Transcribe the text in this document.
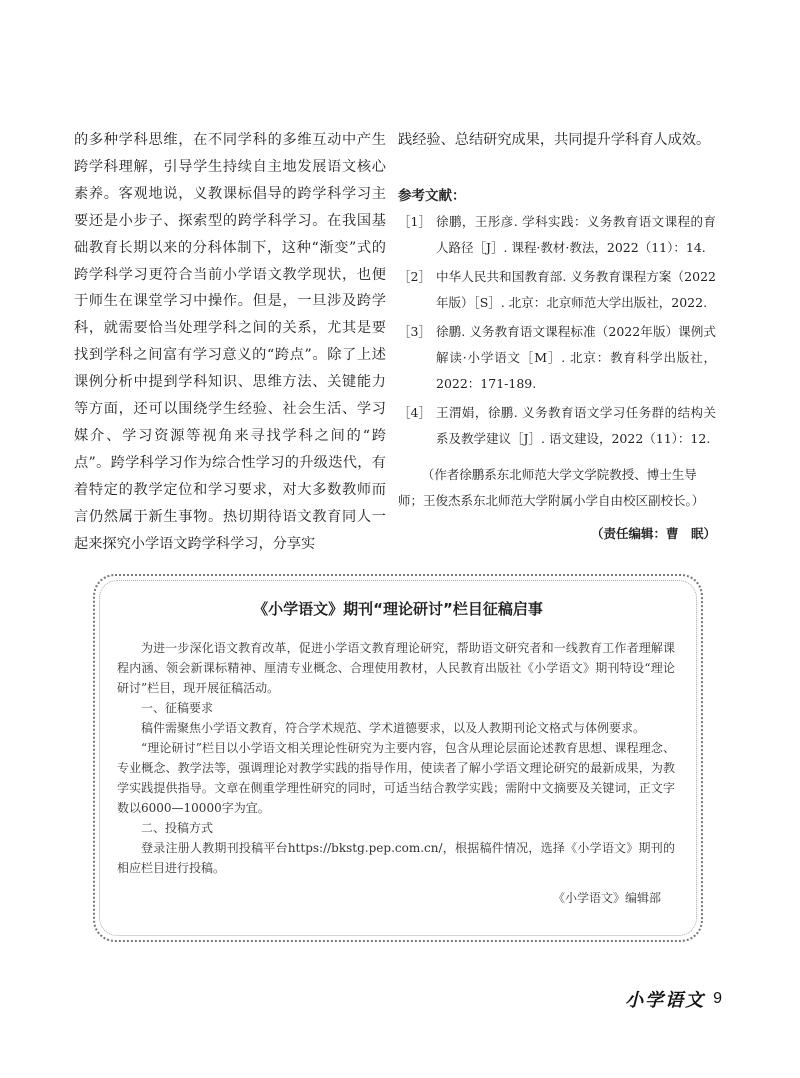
的多种学科思维，在不同学科的多维互动中产生跨学科理解，引导学生持续自主地发展语文核心素养。客观地说，义教课标倡导的跨学科学习主要还是小步子、探索型的跨学科学习。在我国基础教育长期以来的分科体制下，这种“渐变”式的跨学科学习更符合当前小学语文教学现状，也便于师生在课堂学习中操作。但是，一旦涉及跨学科，就需要恰当处理学科之间的关系，尤其是要找到学科之间富有学习意义的“跨点”。除了上述课例分析中提到学科知识、思维方法、关键能力等方面，还可以围绕学生经验、社会生活、学习媒介、学习资源等视角来寻找学科之间的“跨点”。跨学科学习作为综合性学习的升级迭代，有着特定的教学定位和学习要求，对大多数教师而言仍然属于新生事物。热切期待语文教育同人一起来探究小学语文跨学科学习，分享实

践经验、总结研究成果，共同提升学科育人成效。

参考文献：
［1］ 徐鹏，王彤彦. 学科实践：义务教育语文课程的育人路径［J］. 课程·教材·教法，2022（11）：14.
［2］ 中华人民共和国教育部. 义务教育课程方案（2022年版）［S］. 北京：北京师范大学出版社，2022.
［3］ 徐鹏. 义务教育语文课程标准（2022年版）课例式解读·小学语文［M］. 北京：教育科学出版社，2022：171-189.
［4］ 王渭娟，徐鹏. 义务教育语文学习任务群的结构关系及教学建议［J］. 语文建设，2022（11）：12.
（作者徐鹏系东北师范大学文学院教授、博士生导师；王俊杰系东北师范大学附属小学自由校区副校长。）
（责任编辑：曹　眠）
《小学语文》期刊“理论研讨”栏目征稿启事

为进一步深化语文教育改革，促进小学语文教育理论研究，帮助语文研究者和一线教育工作者理解课程内涵、领会新课标精神、厘清专业概念、合理使用教材，人民教育出版社《小学语文》期刊特设“理论研讨”栏目，现开展征稿活动。

一、征稿要求

稿件需聚焦小学语文教育，符合学术规范、学术道德要求，以及人教期刊论文格式与体例要求。

“理论研讨”栏目以小学语文相关理论性研究为主要内容，包含从理论层面论述教育思想、课程理念、专业概念、教学法等，强调理论对教学实践的指导作用，使读者了解小学语文理论研究的最新成果，为教学实践提供指导。文章在侧重学理性研究的同时，可适当结合教学实践；需附中文摘要及关键词，正文字数以6000—10000字为宜。

二、投稿方式

登录注册人教期刊投稿平台https://bkstg.pep.com.cn/，根据稿件情况，选择《小学语文》期刊的相应栏目进行投稿。

《小学语文》编辑部
小学语文 9
